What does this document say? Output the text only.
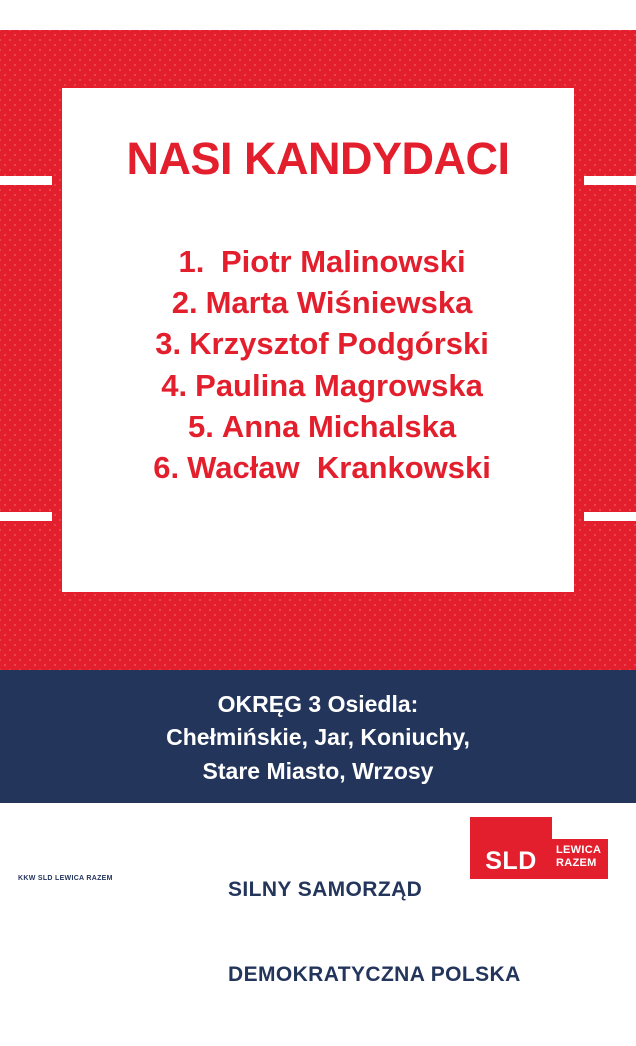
NASI KANDYDACI
1. Piotr Malinowski
2. Marta Wiśniewska
3. Krzysztof Podgórski
4. Paulina Magrowska
5. Anna Michalska
6. Wacław  Krankowski
OKRĘG 3 Osiedla:
Chełmińskie, Jar, Koniuchy,
Stare Miasto, Wrzosy

SILNY SAMORZĄD

DEMOKRATYCZNA POLSKA

KKW SLD LEWICA RAZEM
SLD	LEWICA
RAZEM
